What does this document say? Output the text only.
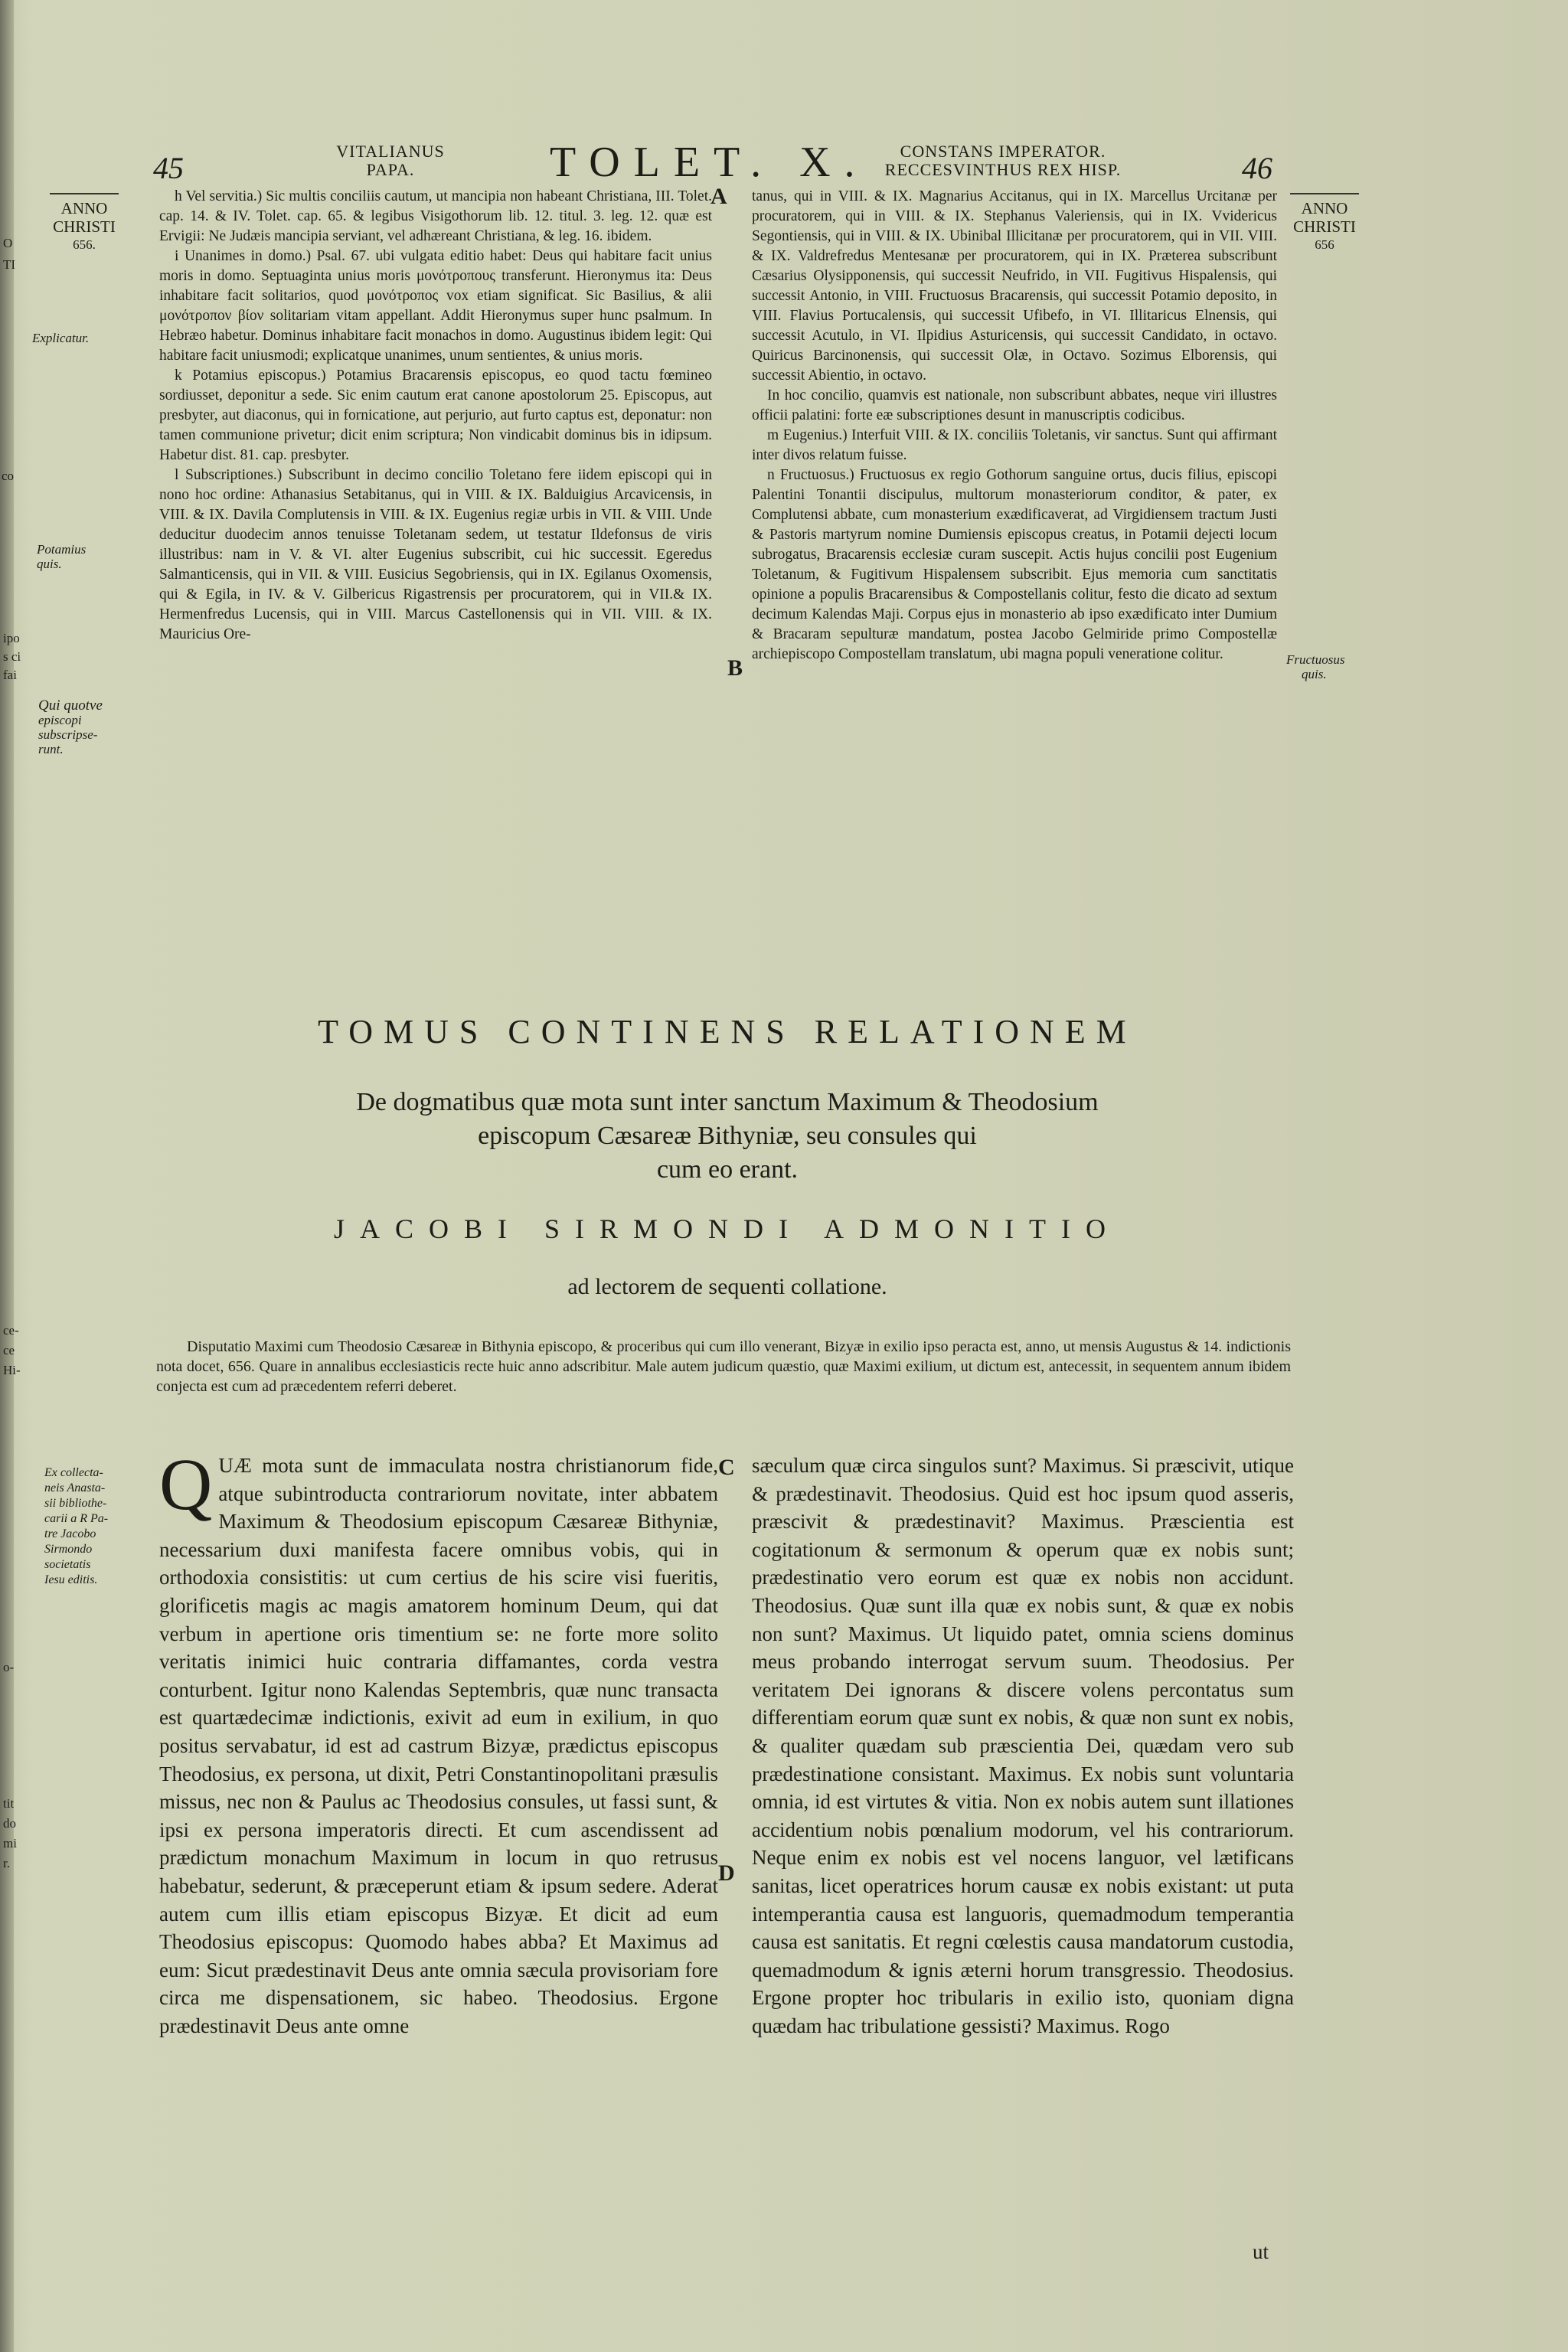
O
TI
co
ipo
s ci
fai
ce-
ce
Hi-
o-
tit
do
mi
r.
45	VITALIANUS
PAPA.	TOLET. X.	CONSTANS IMPERATOR.
RECCESVINTHUS REX HISP.	46
ANNO
CHRISTI
656.
ANNO
CHRISTI
656
Explicatur.
Potamius
quis.
Qui quotve
episcopi
subscripse-
runt.
Fructuosus
quis.
Ex collecta-
neis Anasta-
sii bibliothe-
carii a R Pa-
tre Jacobo
Sirmondo
societatis
Iesu editis.
A
B
C
D

h Vel servitia.) Sic multis conciliis cautum, ut mancipia non habeant Christiana, III. Tolet. cap. 14. & IV. Tolet. cap. 65. & legibus Visigothorum lib. 12. titul. 3. leg. 12. quæ est Ervigii: Ne Judæis mancipia serviant, vel adhæreant Christiana, & leg. 16. ibidem.

i Unanimes in domo.) Psal. 67. ubi vulgata editio habet: Deus qui habitare facit unius moris in domo. Septuaginta unius moris μονότροπους transferunt. Hieronymus ita: Deus inhabitare facit solitarios, quod μονότροπος vox etiam significat. Sic Basilius, & alii μονότροπον βίον solitariam vitam appellant. Addit Hieronymus super hunc psalmum. In Hebræo habetur. Dominus inhabitare facit monachos in domo. Augustinus ibidem legit: Qui habitare facit uniusmodi; explicatque unanimes, unum sentientes, & unius moris.

k Potamius episcopus.) Potamius Bracarensis episcopus, eo quod tactu fœmineo sordiusset, deponitur a sede. Sic enim cautum erat canone apostolorum 25. Episcopus, aut presbyter, aut diaconus, qui in fornicatione, aut perjurio, aut furto captus est, deponatur: non tamen communione privetur; dicit enim scriptura; Non vindicabit dominus bis in idipsum. Habetur dist. 81. cap. presbyter.

l Subscriptiones.) Subscribunt in decimo concilio Toletano fere iidem episcopi qui in nono hoc ordine: Athanasius Setabitanus, qui in VIII. & IX. Balduigius Arcavicensis, in VIII. & IX. Davila Complutensis in VIII. & IX. Eugenius regiæ urbis in VII. & VIII. Unde deducitur duodecim annos tenuisse Toletanam sedem, ut testatur Ildefonsus de viris illustribus: nam in V. & VI. alter Eugenius subscribit, cui hic successit. Egeredus Salmanticensis, qui in VII. & VIII. Eusicius Segobriensis, qui in IX. Egilanus Oxomensis, qui & Egila, in IV. & V. Gilbericus Rigastrensis per procuratorem, qui in VII.& IX. Hermenfredus Lucensis, qui in VIII. Marcus Castellonensis qui in VII. VIII. & IX. Mauricius Ore-

tanus, qui in VIII. & IX. Magnarius Accitanus, qui in IX. Marcellus Urcitanæ per procuratorem, qui in VIII. & IX. Stephanus Valeriensis, qui in IX. Vvidericus Segontiensis, qui in VIII. & IX. Ubinibal Illicitanæ per procuratorem, qui in VII. VIII. & IX. Valdrefredus Mentesanæ per procuratorem, qui in IX. Præterea subscribunt Cæsarius Olysipponensis, qui successit Neufrido, in VII. Fugitivus Hispalensis, qui successit Antonio, in VIII. Fructuosus Bracarensis, qui successit Potamio deposito, in VIII. Flavius Portucalensis, qui successit Ufibefo, in VI. Illitaricus Elnensis, qui successit Acutulo, in VI. Ilpidius Asturicensis, qui successit Candidato, in octavo. Quiricus Barcinonensis, qui successit Olæ, in Octavo. Sozimus Elborensis, qui successit Abientio, in octavo.

In hoc concilio, quamvis est nationale, non subscribunt abbates, neque viri illustres officii palatini: forte eæ subscriptiones desunt in manuscriptis codicibus.

m Eugenius.) Interfuit VIII. & IX. conciliis Toletanis, vir sanctus. Sunt qui affirmant inter divos relatum fuisse.

n Fructuosus.) Fructuosus ex regio Gothorum sanguine ortus, ducis filius, episcopi Palentini Tonantii discipulus, multorum monasteriorum conditor, & pater, ex Complutensi abbate, cum monasterium exædificaverat, ad Virgidiensem tractum Justi & Pastoris martyrum nomine Dumiensis episcopus creatus, in Potamii dejecti locum subrogatus, Bracarensis ecclesiæ curam suscepit. Actis hujus concilii post Eugenium Toletanum, & Fugitivum Hispalensem subscribit. Ejus memoria cum sanctitatis opinione a populis Bracarensibus & Compostellanis colitur, festo die dicato ad sextum decimum Kalendas Maji. Corpus ejus in monasterio ab ipso exædificato inter Dumium & Bracaram sepulturæ mandatum, postea Jacobo Gelmiride primo Compostellæ archiepiscopo Compostellam translatum, ubi magna populi veneratione colitur.

TOMUS CONTINENS RELATIONEM
De dogmatibus quæ mota sunt inter sanctum Maximum & Theodosium
episcopum Cæsareæ Bithyniæ, seu consules qui
cum eo erant.
JACOBI SIRMONDI ADMONITIO
ad lectorem de sequenti collatione.
Disputatio Maximi cum Theodosio Cæsareæ in Bithynia episcopo, & proceribus qui cum illo venerant, Bizyæ in exilio ipso peracta est, anno, ut mensis Augustus & 14. indictionis nota docet, 656. Quare in annalibus ecclesiasticis recte huic anno adscribitur. Male autem judicum quæstio, quæ Maximi exilium, ut dictum est, antecessit, in sequentem annum ibidem conjecta est cum ad præcedentem referri deberet.
Q UÆ mota sunt de immaculata nostra christianorum fide, atque subintroducta contrariorum novitate, inter abbatem Maximum & Theodosium episcopum Cæsareæ Bithyniæ, necessarium duxi manifesta facere omnibus vobis, qui in orthodoxia consistitis: ut cum certius de his scire visi fueritis, glorificetis magis ac magis amatorem hominum Deum, qui dat verbum in apertione oris timentium se: ne forte more solito veritatis inimici huic contraria diffamantes, corda vestra conturbent. Igitur nono Kalendas Septembris, quæ nunc transacta est quartædecimæ indictionis, exivit ad eum in exilium, in quo positus servabatur, id est ad castrum Bizyæ, prædictus episcopus Theodosius, ex persona, ut dixit, Petri Constantinopolitani præsulis missus, nec non & Paulus ac Theodosius consules, ut fassi sunt, & ipsi ex persona imperatoris directi. Et cum ascendissent ad prædictum monachum Maximum in locum in quo retrusus habebatur, sederunt, & præceperunt etiam & ipsum sedere. Aderat autem cum illis etiam episcopus Bizyæ. Et dicit ad eum Theodosius episcopus: Quomodo habes abba? Et Maximus ad eum: Sicut prædestinavit Deus ante omnia sæcula provisoriam fore circa me dispensationem, sic habeo. Theodosius. Ergone prædestinavit Deus ante omne
sæculum quæ circa singulos sunt? Maximus. Si præscivit, utique & prædestinavit. Theodosius. Quid est hoc ipsum quod asseris, præscivit & prædestinavit? Maximus. Præscientia est cogitationum & sermonum & operum quæ ex nobis sunt; prædestinatio vero eorum est quæ ex nobis non accidunt. Theodosius. Quæ sunt illa quæ ex nobis sunt, & quæ ex nobis non sunt? Maximus. Ut liquido patet, omnia sciens dominus meus probando interrogat servum suum. Theodosius. Per veritatem Dei ignorans & discere volens percontatus sum differentiam eorum quæ sunt ex nobis, & quæ non sunt ex nobis, & qualiter quædam sub præscientia Dei, quædam vero sub prædestinatione consistant. Maximus. Ex nobis sunt voluntaria omnia, id est virtutes & vitia. Non ex nobis autem sunt illationes accidentium nobis pœnalium modorum, vel his contrariorum. Neque enim ex nobis est vel nocens languor, vel lætificans sanitas, licet operatrices horum causæ ex nobis existant: ut puta intemperantia causa est languoris, quemadmodum temperantia causa est sanitatis. Et regni cœlestis causa mandatorum custodia, quemadmodum & ignis æterni horum transgressio. Theodosius. Ergone propter hoc tribularis in exilio isto, quoniam digna quædam hac tribulatione gessisti? Maximus. Rogo
ut
